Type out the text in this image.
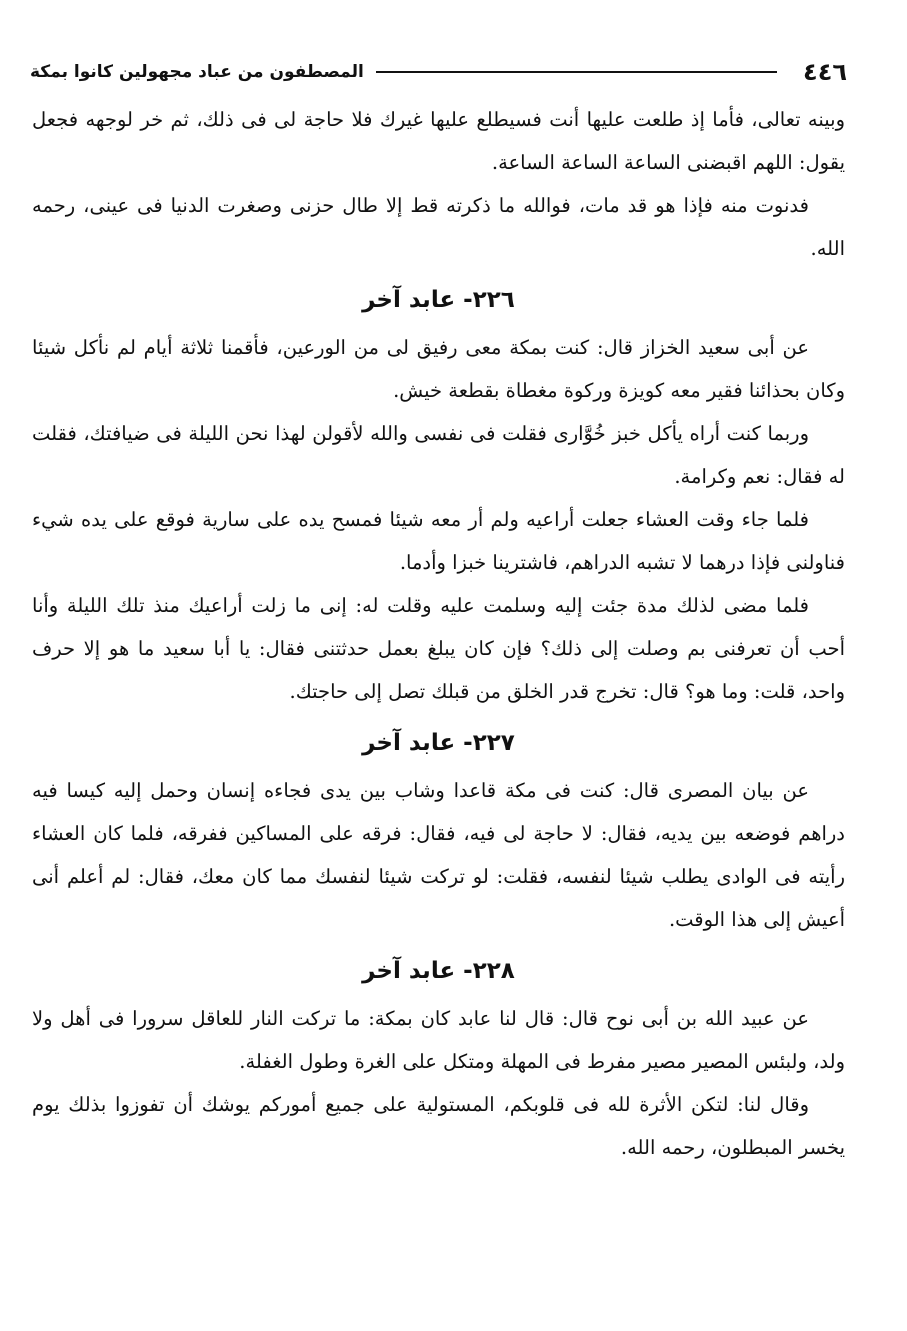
٤٤٦
المصطفون من عباد مجهولين كانوا بمكة

وبينه تعالى، فأما إذ طلعت عليها أنت فسيطلع عليها غيرك فلا حاجة لى فى ذلك، ثم خر لوجهه فجعل يقول: اللهم اقبضنى الساعة الساعة الساعة.

فدنوت منه فإذا هو قد مات، فوالله ما ذكرته قط إلا طال حزنى وصغرت الدنيا فى عينى، رحمه الله.

٢٢٦- عابد آخر

عن أبى سعيد الخزاز قال: كنت بمكة معى رفيق لى من الورعين، فأقمنا ثلاثة أيام لم نأكل شيئا وكان بحذائنا فقير معه كويزة وركوة مغطاة بقطعة خيش.

وربما كنت أراه يأكل خبز خُوَّارى فقلت فى نفسى والله لأقولن لهذا نحن الليلة فى ضيافتك، فقلت له فقال: نعم وكرامة.

فلما جاء وقت العشاء جعلت أراعيه ولم أر معه شيئا فمسح يده على سارية فوقع على يده شيء فناولنى فإذا درهما لا تشبه الدراهم، فاشترينا خبزا وأدما.

فلما مضى لذلك مدة جئت إليه وسلمت عليه وقلت له: إنى ما زلت أراعيك منذ تلك الليلة وأنا أحب أن تعرفنى بم وصلت إلى ذلك؟ فإن كان يبلغ بعمل حدثتنى فقال: يا أبا سعيد ما هو إلا حرف واحد، قلت: وما هو؟ قال: تخرج قدر الخلق من قبلك تصل إلى حاجتك.

٢٢٧- عابد آخر

عن بيان المصرى قال: كنت فى مكة قاعدا وشاب بين يدى فجاءه إنسان وحمل إليه كيسا فيه دراهم فوضعه بين يديه، فقال: لا حاجة لى فيه، فقال: فرقه على المساكين ففرقه، فلما كان العشاء رأيته فى الوادى يطلب شيئا لنفسه، فقلت: لو تركت شيئا لنفسك مما كان معك، فقال: لم أعلم أنى أعيش إلى هذا الوقت.

٢٢٨- عابد آخر

عن عبيد الله بن أبى نوح قال: قال لنا عابد كان بمكة: ما تركت النار للعاقل سرورا فى أهل ولا ولد، ولبئس المصير مصير مفرط فى المهلة ومتكل على الغرة وطول الغفلة.

وقال لنا: لتكن الأثرة لله فى قلوبكم، المستولية على جميع أموركم يوشك أن تفوزوا بذلك يوم يخسر المبطلون، رحمه الله.
